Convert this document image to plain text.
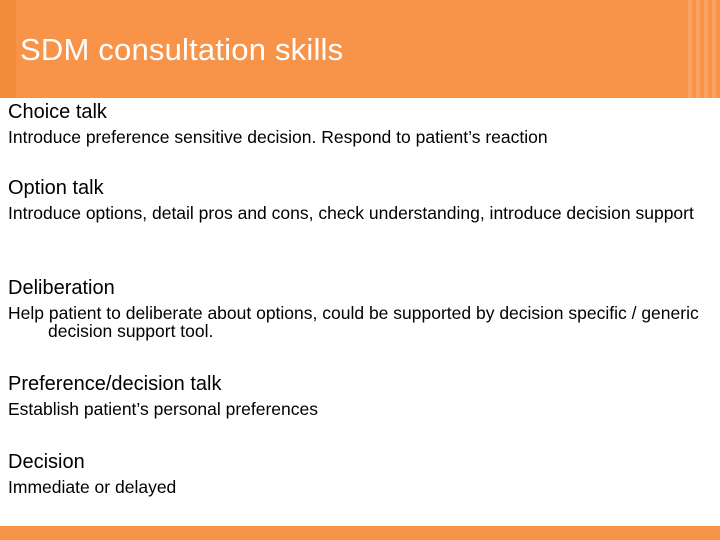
SDM consultation skills
Choice talk
Introduce preference sensitive decision. Respond to patient’s reaction
Option talk
Introduce options, detail pros and cons, check understanding, introduce decision support
Deliberation
Help patient to deliberate about options, could be supported by decision specific / generic decision support tool.
Preference/decision talk
Establish patient’s personal preferences
Decision
Immediate or delayed
